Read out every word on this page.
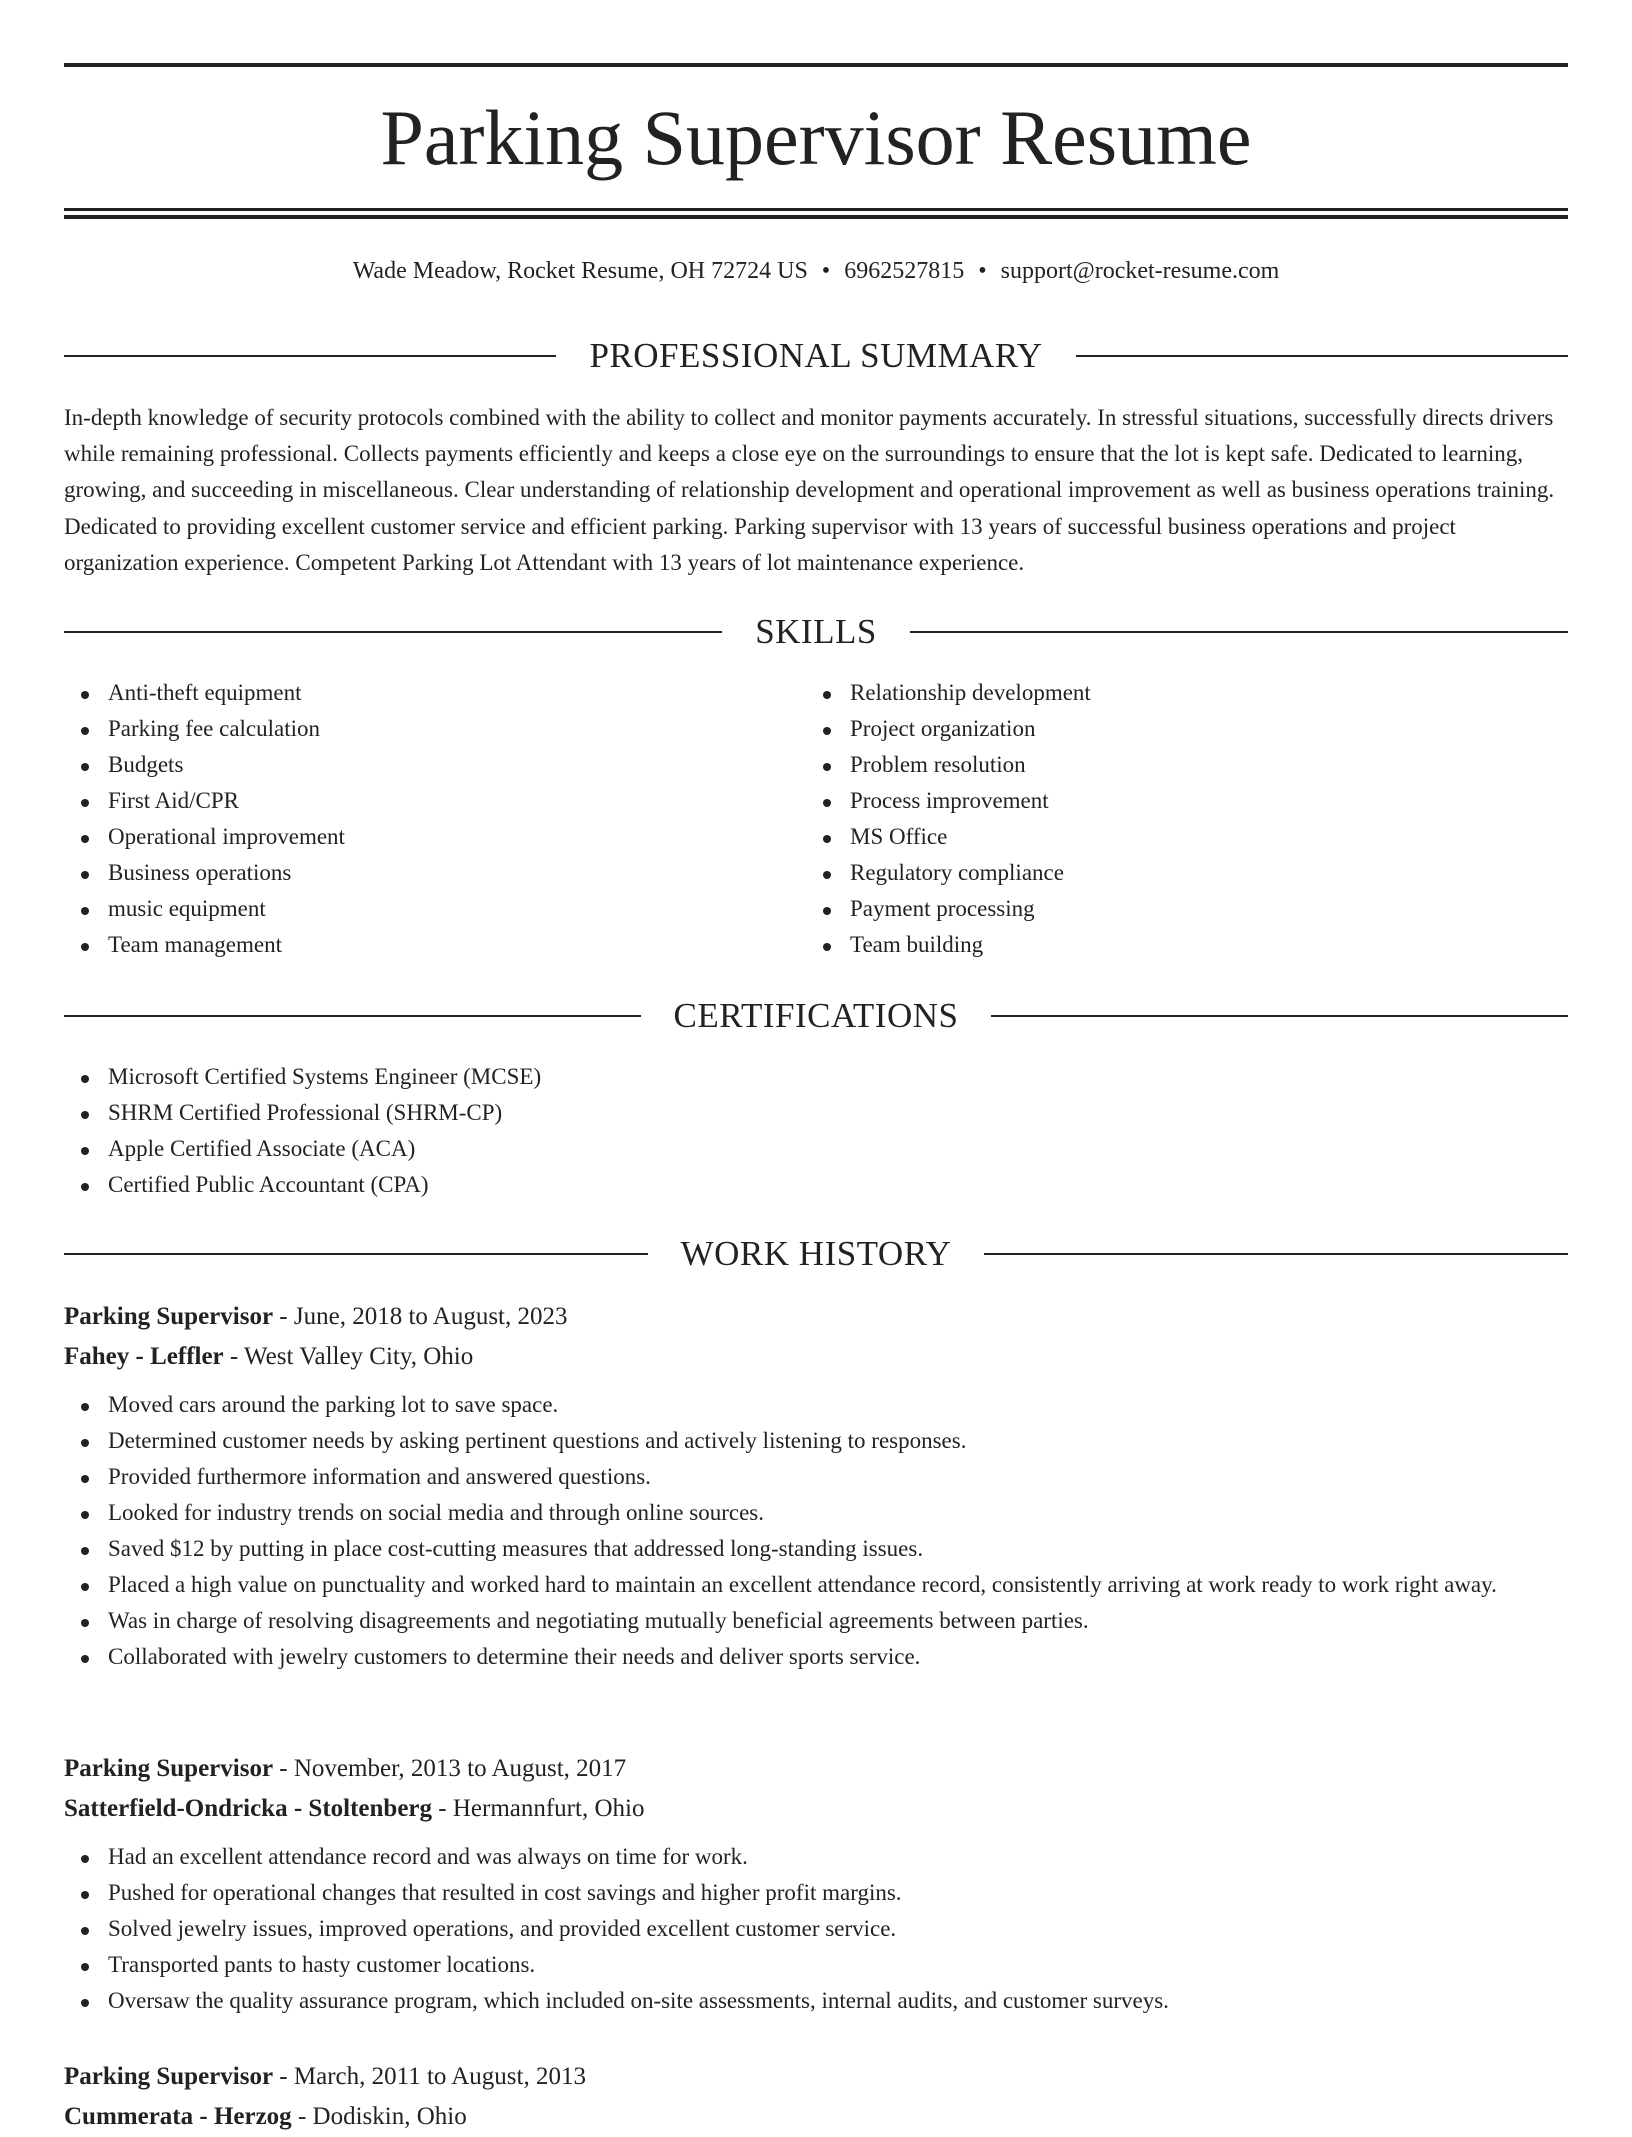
Parking Supervisor Resume
Wade Meadow, Rocket Resume, OH 72724 US • 6962527815 • support@rocket-resume.com
PROFESSIONAL SUMMARY

In-depth knowledge of security protocols combined with the ability to collect and monitor payments accurately. In stressful situations, successfully directs drivers while remaining professional. Collects payments efficiently and keeps a close eye on the surroundings to ensure that the lot is kept safe. Dedicated to learning, growing, and succeeding in miscellaneous. Clear understanding of relationship development and operational improvement as well as business operations training. Dedicated to providing excellent customer service and efficient parking. Parking supervisor with 13 years of successful business operations and project organization experience. Competent Parking Lot Attendant with 13 years of lot maintenance experience.

SKILLS
Anti-theft equipment
Parking fee calculation
Budgets
First Aid/CPR
Operational improvement
Business operations
music equipment
Team management
Relationship development
Project organization
Problem resolution
Process improvement
MS Office
Regulatory compliance
Payment processing
Team building
CERTIFICATIONS
Microsoft Certified Systems Engineer (MCSE)
SHRM Certified Professional (SHRM-CP)
Apple Certified Associate (ACA)
Certified Public Accountant (CPA)
WORK HISTORY
Parking Supervisor - June, 2018 to August, 2023
Fahey - Leffler - West Valley City, Ohio
Moved cars around the parking lot to save space.
Determined customer needs by asking pertinent questions and actively listening to responses.
Provided furthermore information and answered questions.
Looked for industry trends on social media and through online sources.
Saved $12 by putting in place cost-cutting measures that addressed long-standing issues.
Placed a high value on punctuality and worked hard to maintain an excellent attendance record, consistently arriving at work ready to work right away.
Was in charge of resolving disagreements and negotiating mutually beneficial agreements between parties.
Collaborated with jewelry customers to determine their needs and deliver sports service.
Parking Supervisor - November, 2013 to August, 2017
Satterfield-Ondricka - Stoltenberg - Hermannfurt, Ohio
Had an excellent attendance record and was always on time for work.
Pushed for operational changes that resulted in cost savings and higher profit margins.
Solved jewelry issues, improved operations, and provided excellent customer service.
Transported pants to hasty customer locations.
Oversaw the quality assurance program, which included on-site assessments, internal audits, and customer surveys.
Parking Supervisor - March, 2011 to August, 2013
Cummerata - Herzog - Dodiskin, Ohio
